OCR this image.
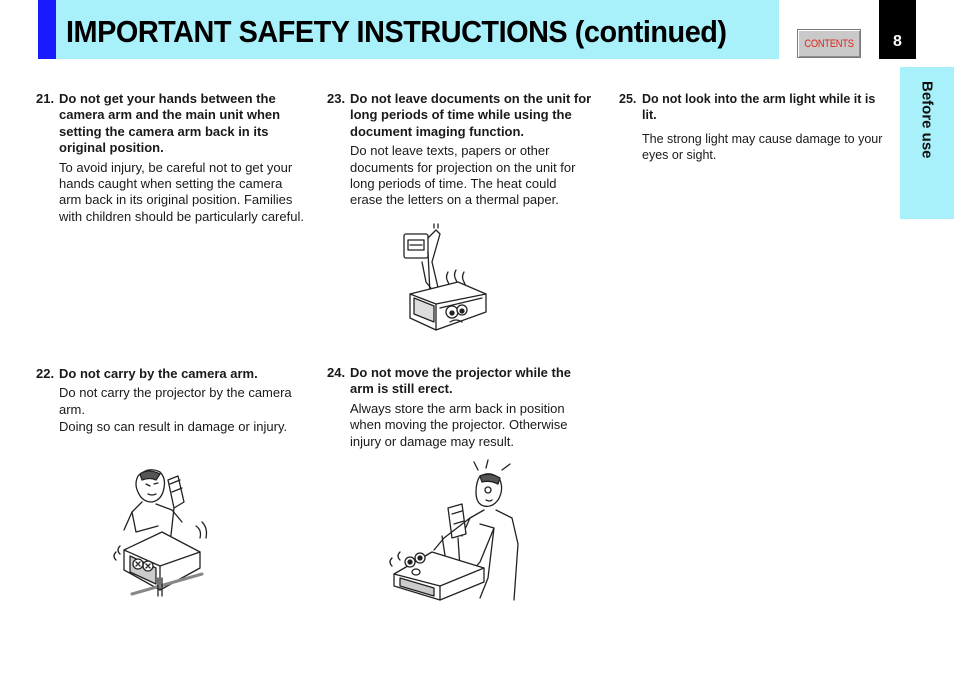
IMPORTANT SAFETY INSTRUCTIONS (continued)	CONTENTS 8
Before use
21. Do not get your hands between the camera arm and the main unit when setting the camera arm back in its original position.

To avoid injury, be careful not to get your hands caught when setting the camera arm back in its original position. Families with children should be particularly careful.

22. Do not carry by the camera arm.

Do not carry the projector by the camera arm.

Doing so can result in damage or injury.

23. Do not leave documents on the unit for long periods of time while using the document imaging function.

Do not leave texts, papers or other documents for projection on the unit for long periods of time. The heat could erase the letters on a thermal paper.

24. Do not move the projector while the arm is still erect.

Always store the arm back in position when moving the projector. Otherwise injury or damage may result.

25. Do not look into the arm light while it is lit.

The strong light may cause damage to your eyes or sight.
